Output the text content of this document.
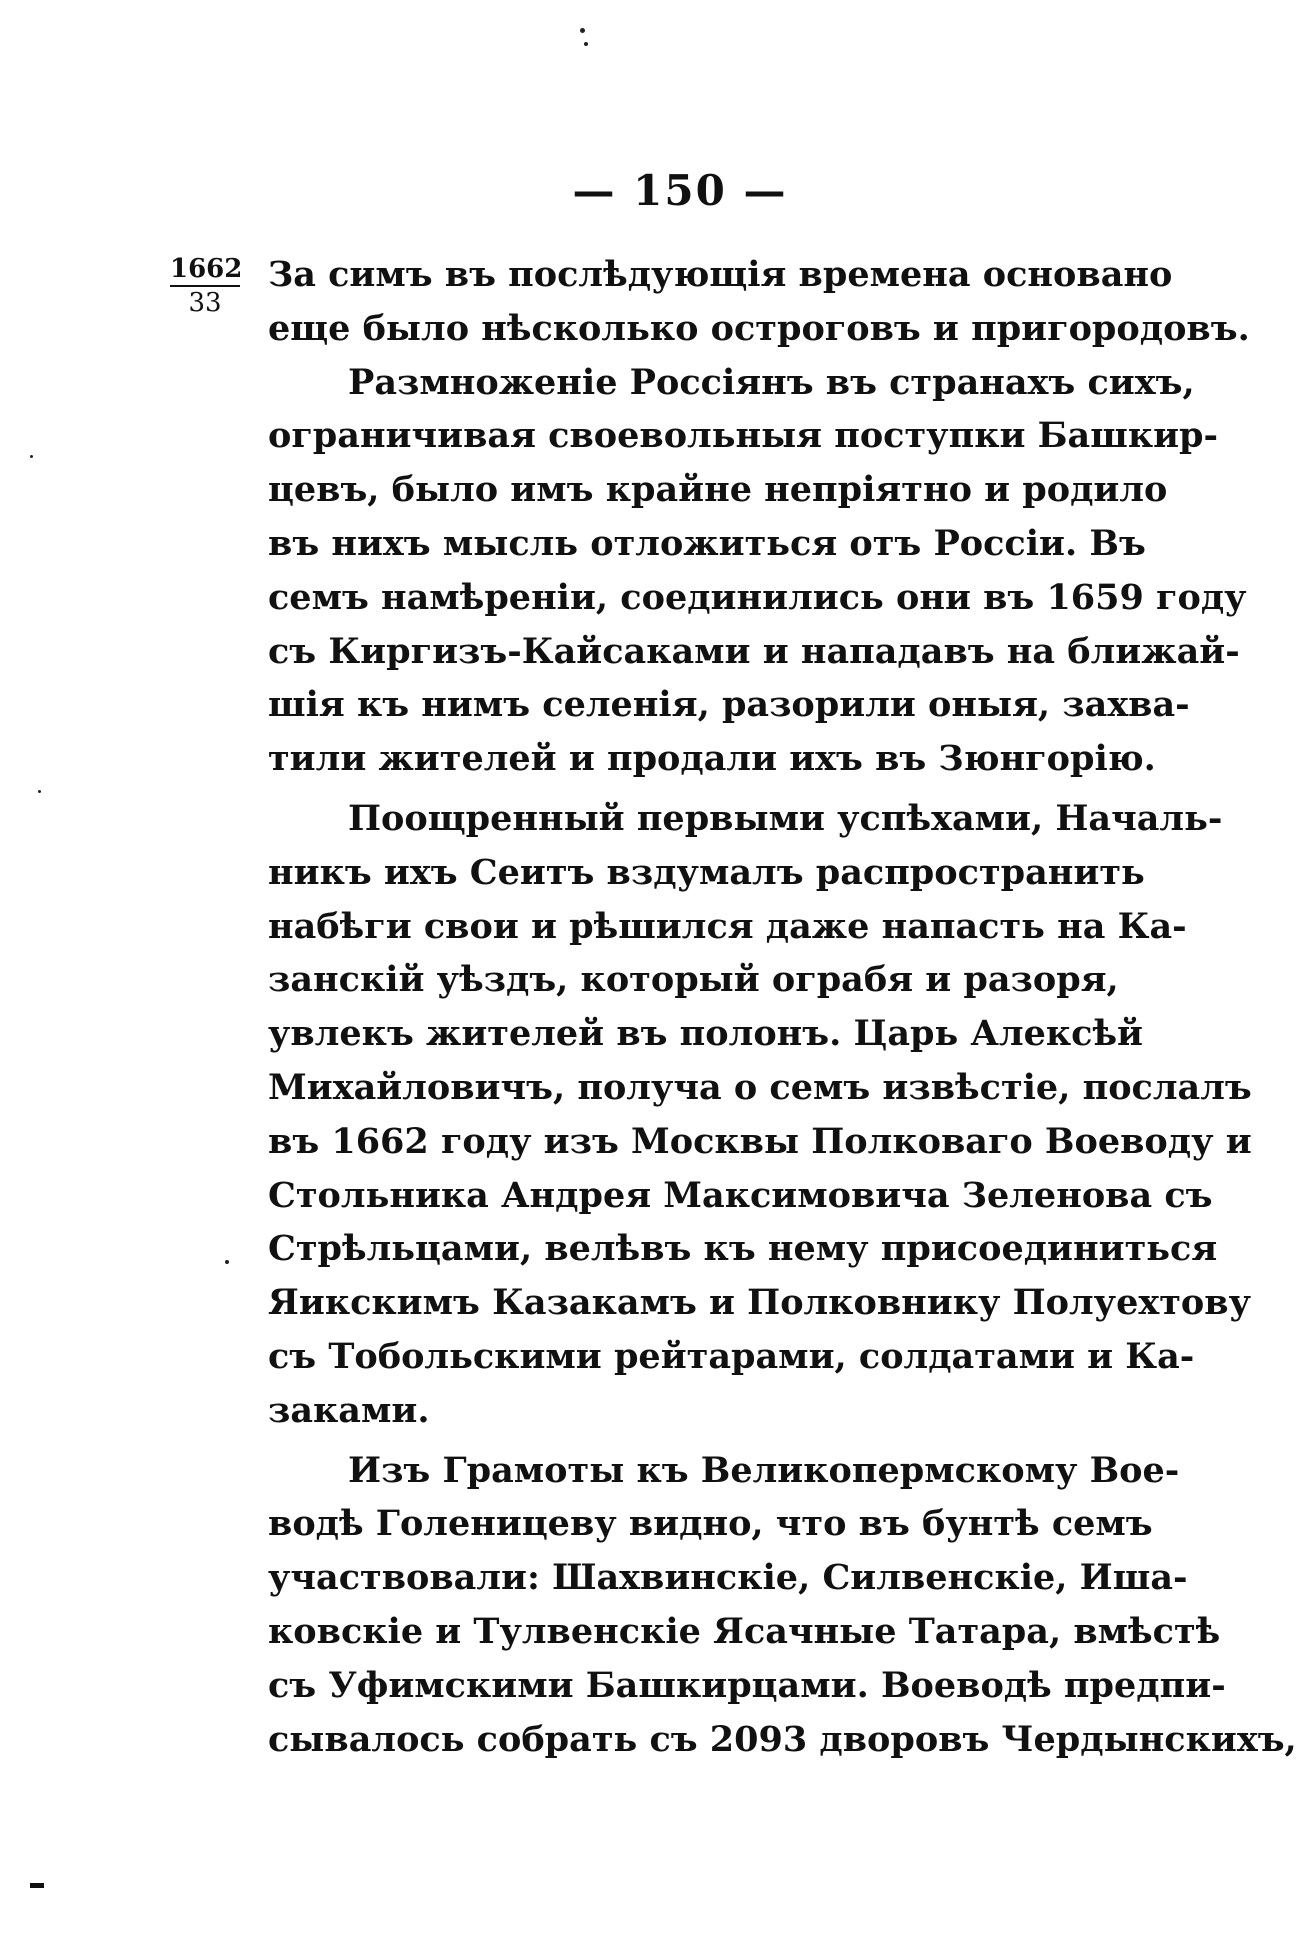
— 150 —
$\frac{1662}{33}$ За симъ въ послѣдующія времена основано
еще было нѣсколько остроговъ и пригородовъ.
Размноженіе Россіянъ въ странахъ сихъ,
ограничивая своевольныя поступки Башкир-
цевъ, было имъ крайне непріятно и родило
въ нихъ мысль отложиться отъ Россіи. Въ
семъ намѣреніи, соединились они въ 1659 году
съ Киргизъ-Кайсаками и нападавъ на ближай-
шія къ нимъ селенія, разорили оныя, захва-
тили жителей и продали ихъ въ Зюнгорію.
Поощренный первыми успѣхами, Началь-
никъ ихъ Сеитъ вздумалъ распространить
набѣги свои и рѣшился даже напасть на Ка-
занскій уѣздъ, который ограбя и разоря,
увлекъ жителей въ полонъ. Царь Алексѣй
Михайловичъ, получа о семъ извѣстіе, послалъ
въ 1662 году изъ Москвы Полковаго Воеводу и
Стольника Андрея Максимовича Зеленова съ
Стрѣльцами, велѣвъ къ нему присоединиться
Яикскимъ Казакамъ и Полковнику Полуехтову
съ Тобольскими рейтарами, солдатами и Ка-
заками.
Изъ Грамоты къ Великопермскому Вое-
водѣ Голеницеву видно, что въ бунтѣ семъ
участвовали: Шахвинскіе, Силвенскіе, Иша-
ковскіе и Тулвенскіе Ясачные Татара, вмѣстѣ
съ Уфимскими Башкирцами. Воеводѣ предпи-
сывалось собрать съ 2093 дворовъ Чердынскихъ,
